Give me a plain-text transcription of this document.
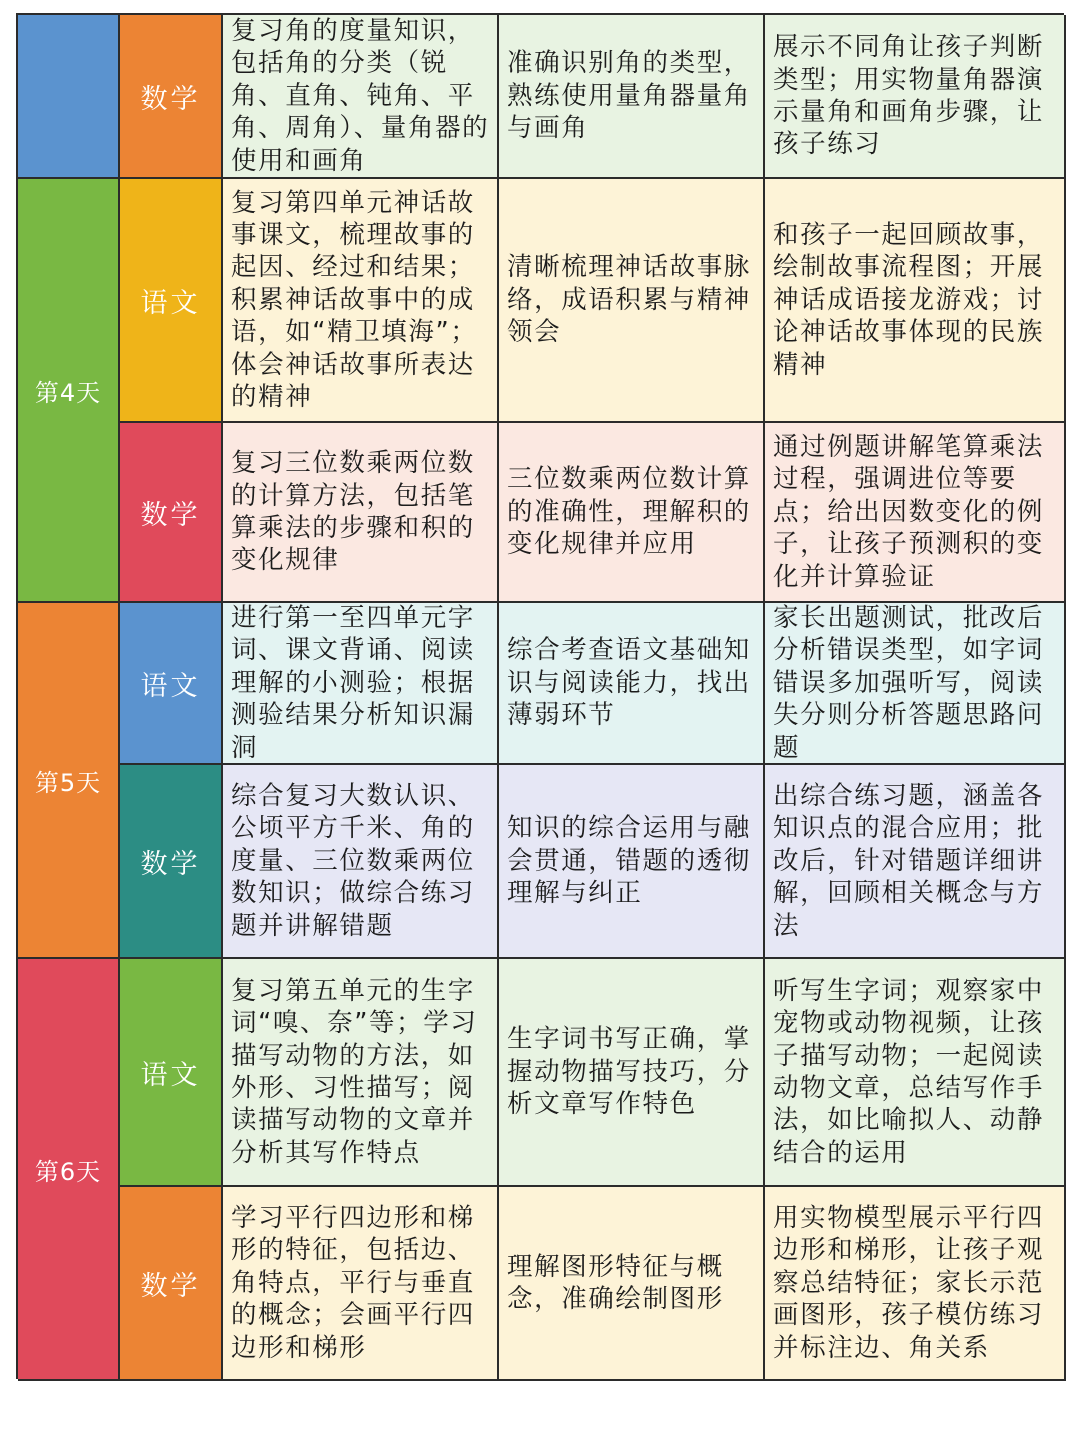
第4天
第5天
第6天
数学
复习角的度量知识，包括角的分类（锐角、直角、钝角、平角、周角）、量角器的使用和画角
准确识别角的类型，熟练使用量角器量角与画角
展示不同角让孩子判断类型；用实物量角器演示量角和画角步骤，让孩子练习
语文
复习第四单元神话故事课文，梳理故事的起因、经过和结果；积累神话故事中的成语，如“精卫填海”；体会神话故事所表达的精神
清晰梳理神话故事脉络，成语积累与精神领会
和孩子一起回顾故事，绘制故事流程图；开展神话成语接龙游戏；讨论神话故事体现的民族精神
数学
复习三位数乘两位数的计算方法，包括笔算乘法的步骤和积的变化规律
三位数乘两位数计算的准确性，理解积的变化规律并应用
通过例题讲解笔算乘法过程，强调进位等要点；给出因数变化的例子，让孩子预测积的变化并计算验证
语文
进行第一至四单元字词、课文背诵、阅读理解的小测验；根据测验结果分析知识漏洞
综合考查语文基础知识与阅读能力，找出薄弱环节
家长出题测试，批改后分析错误类型，如字词错误多加强听写，阅读失分则分析答题思路问题
数学
综合复习大数认识、公顷平方千米、角的度量、三位数乘两位数知识；做综合练习题并讲解错题
知识的综合运用与融会贯通，错题的透彻理解与纠正
出综合练习题，涵盖各知识点的混合应用；批改后，针对错题详细讲解，回顾相关概念与方法
语文
复习第五单元的生字词“嗅、奈”等；学习描写动物的方法，如外形、习性描写；阅读描写动物的文章并分析其写作特点
生字词书写正确，掌握动物描写技巧，分析文章写作特色
听写生字词；观察家中宠物或动物视频，让孩子描写动物；一起阅读动物文章，总结写作手法，如比喻拟人、动静结合的运用
数学
学习平行四边形和梯形的特征，包括边、角特点，平行与垂直的概念；会画平行四边形和梯形
理解图形特征与概念，准确绘制图形
用实物模型展示平行四边形和梯形，让孩子观察总结特征；家长示范画图形，孩子模仿练习并标注边、角关系
